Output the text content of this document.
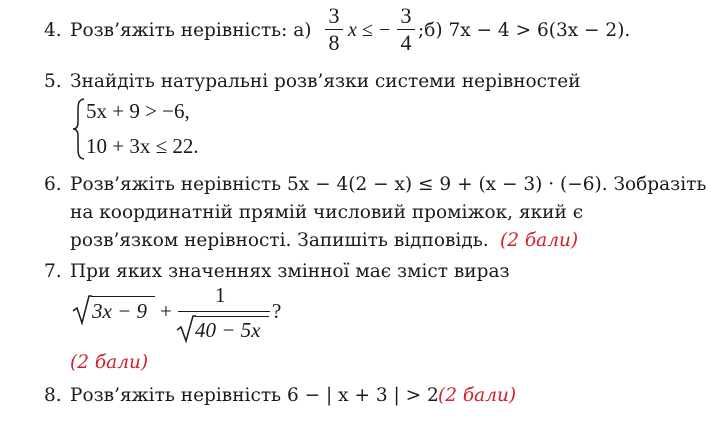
4. Розв’яжіть нерівність: а)
3
8
x ≤ −
3
4 ;б) 7x − 4 > 6(3x − 2).
5. Знайдіть натуральні розв’язки системи нерівностей
5x + 9 > −6,
10 + 3x ≤ 22.
6. Розв’яжіть нерівність 5x − 4(2 − x) ≤ 9 + (x − 3) · (−6). Зобразіть
на координатній прямій числовий проміжок, який є
розв’язком нерівності. Запишіть відповідь. (2 бали)
7. При яких значеннях змінної має зміст вираз
3x − 9 +
1
40 − 5x
?
(2 бали)
8. Розв’яжіть нерівність 6 − | x + 3 | > 2 (2 бали)
